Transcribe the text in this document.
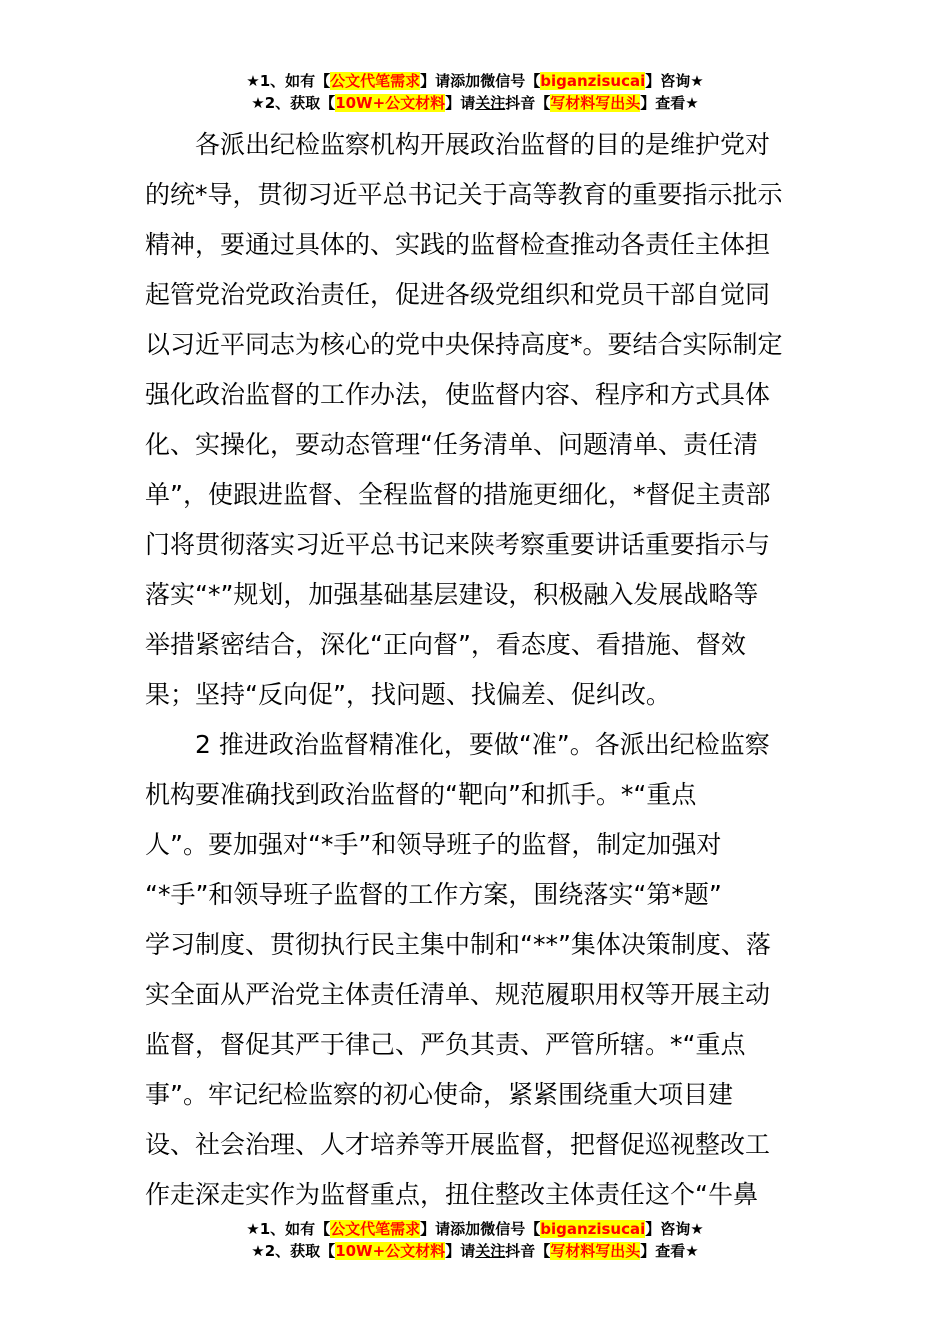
★1、如有【公文代笔需求】请添加微信号【biganzisucai】咨询★
★2、获取【10W+公文材料】请关注抖音【写材料写出头】查看★
各派出纪检监察机构开展政治监督的目的是维护党对
的统*导，贯彻习近平总书记关于高等教育的重要指示批示
精神，要通过具体的、实践的监督检查推动各责任主体担
起管党治党政治责任，促进各级党组织和党员干部自觉同
以习近平同志为核心的党中央保持高度*。要结合实际制定
强化政治监督的工作办法，使监督内容、程序和方式具体
化、实操化，要动态管理“任务清单、问题清单、责任清
单”，使跟进监督、全程监督的措施更细化，*督促主责部
门将贯彻落实习近平总书记来陕考察重要讲话重要指示与
落实“*”规划，加强基础基层建设，积极融入发展战略等
举措紧密结合，深化“正向督”，看态度、看措施、督效
果；坚持“反向促”，找问题、找偏差、促纠改。
2 推进政治监督精准化，要做“准”。各派出纪检监察
机构要准确找到政治监督的“靶向”和抓手。*“重点
人”。要加强对“*手”和领导班子的监督，制定加强对
“*手”和领导班子监督的工作方案，围绕落实“第*题”
学习制度、贯彻执行民主集中制和“**”集体决策制度、落
实全面从严治党主体责任清单、规范履职用权等开展主动
监督，督促其严于律己、严负其责、严管所辖。*“重点
事”。牢记纪检监察的初心使命，紧紧围绕重大项目建
设、社会治理、人才培养等开展监督，把督促巡视整改工
作走深走实作为监督重点，扭住整改主体责任这个“牛鼻
★1、如有【公文代笔需求】请添加微信号【biganzisucai】咨询★
★2、获取【10W+公文材料】请关注抖音【写材料写出头】查看★
